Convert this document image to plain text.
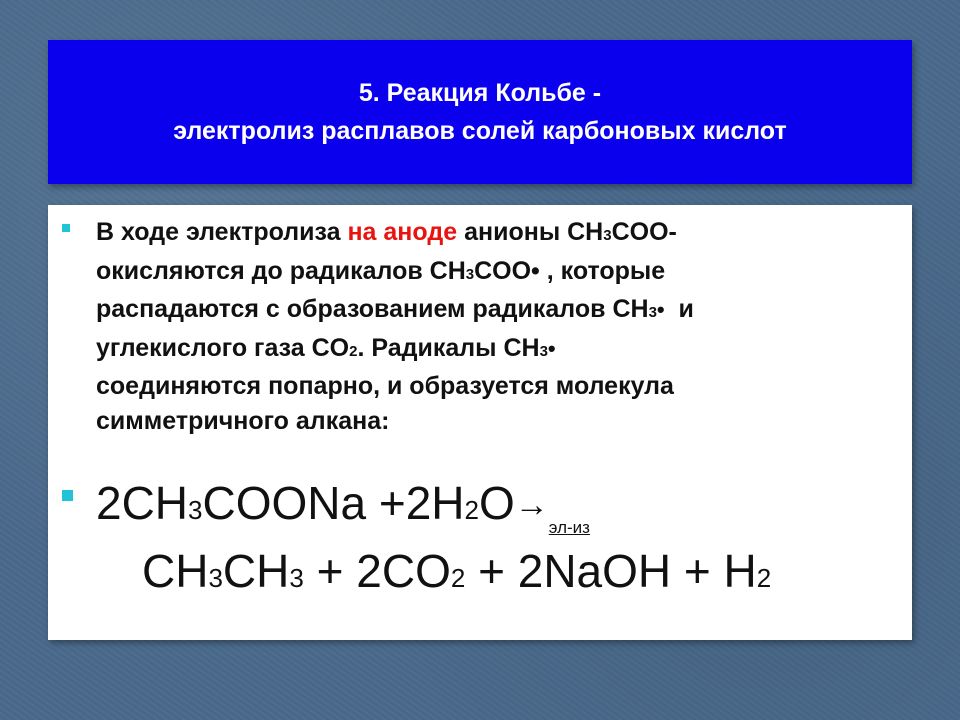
5. Реакция Кольбе -
электролиз расплавов солей карбоновых кислот
В ходе электролиза на аноде анионы CH3COO-
окисляются до радикалов CH3COO• , которые
распадаются с образованием радикалов CH3•  и
углекислого газа CO2. Радикалы CH3•
соединяются попарно, и образуется молекула
симметричного алкана:
2CH3COONa $+2H2O\to_{эл-из}$
CH3CH3 + 2CO2 + 2NaOH + H2
